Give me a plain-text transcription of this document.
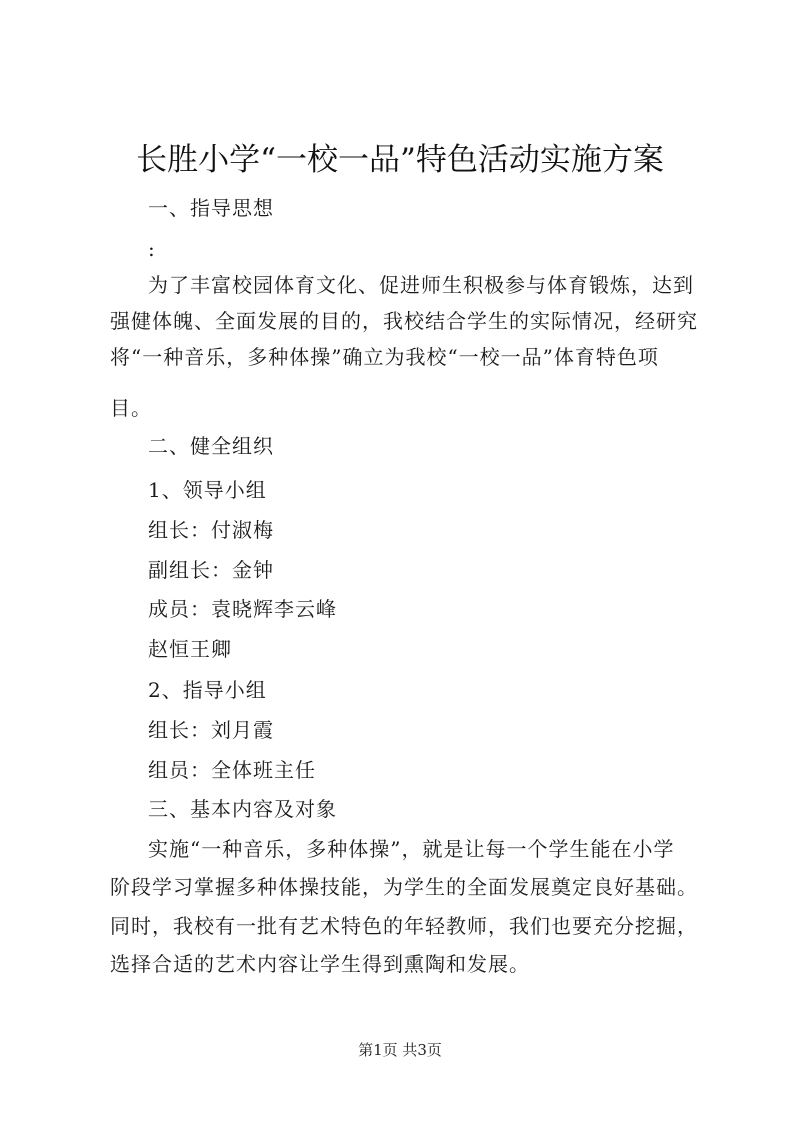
长胜小学“一校一品”特色活动实施方案
一、指导思想
:
为了丰富校园体育文化、促进师生积极参与体育锻炼，达到
强健体魄、全面发展的目的，我校结合学生的实际情况，经研究
将“一种音乐，多种体操”确立为我校“一校一品”体育特色项
目。
二、健全组织
1、领导小组
组长：付淑梅
副组长：金钟
成员：袁晓辉李云峰
赵恒王卿
2、指导小组
组长：刘月霞
组员：全体班主任
三、基本内容及对象
实施“一种音乐，多种体操”，就是让每一个学生能在小学
阶段学习掌握多种体操技能，为学生的全面发展奠定良好基础。
同时，我校有一批有艺术特色的年轻教师，我们也要充分挖掘，
选择合适的艺术内容让学生得到熏陶和发展。
第1页 共3页
